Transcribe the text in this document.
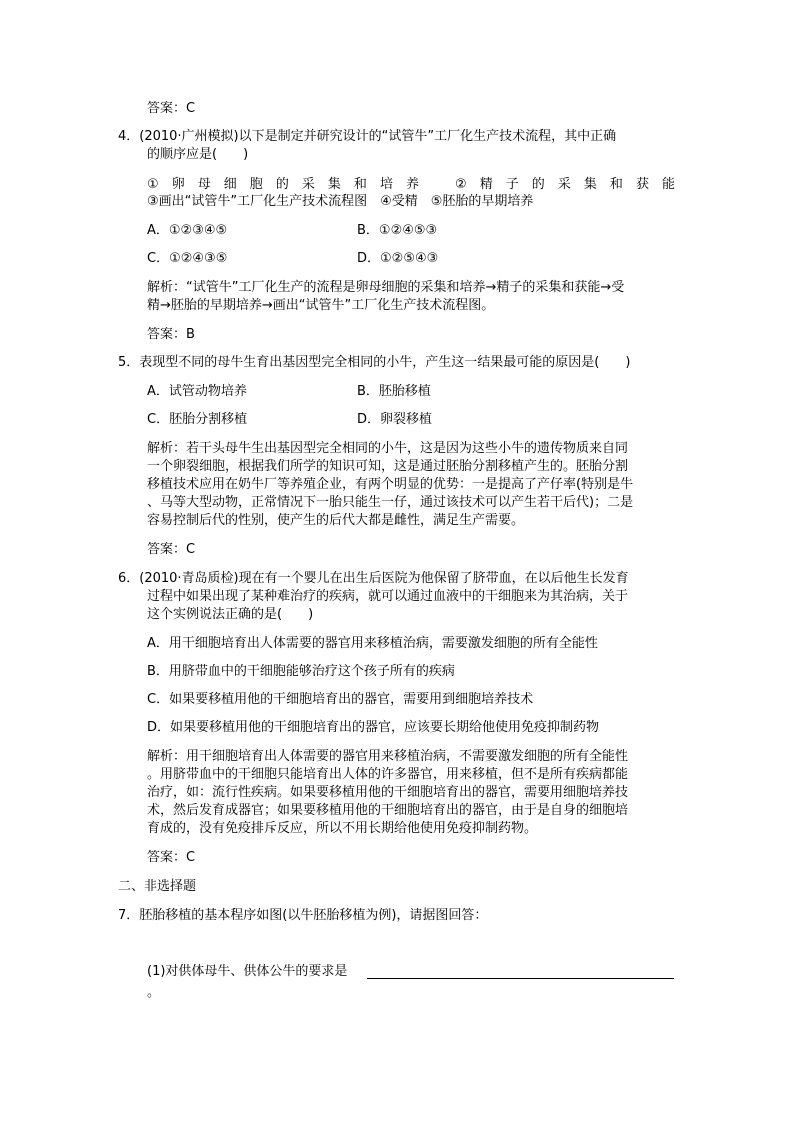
答案：C
4．(2010·广州模拟)以下是制定并研究设计的“试管牛”工厂化生产技术流程，其中正确
的顺序应是(　　)
① 卵 母 细 胞 的 采 集 和 培 养	② 精 子 的 采 集 和 获 能
③画出“试管牛”工厂化生产技术流程图　④受精　⑤胚胎的早期培养
A．①②③④⑤	B．①②④⑤③
C．①②④③⑤	D．①②⑤④③
解析：“试管牛”工厂化生产的流程是卵母细胞的采集和培养→精子的采集和获能→受
精→胚胎的早期培养→画出“试管牛”工厂化生产技术流程图。
答案：B
5．表现型不同的母牛生育出基因型完全相同的小牛，产生这一结果最可能的原因是(　　)
A．试管动物培养	B．胚胎移植
C．胚胎分割移植	D．卵裂移植
解析：若干头母牛生出基因型完全相同的小牛，这是因为这些小牛的遗传物质来自同
一个卵裂细胞，根据我们所学的知识可知，这是通过胚胎分割移植产生的。胚胎分割
移植技术应用在奶牛厂等养殖企业，有两个明显的优势：一是提高了产仔率(特别是牛
、马等大型动物，正常情况下一胎只能生一仔，通过该技术可以产生若干后代)；二是
容易控制后代的性别，使产生的后代大都是雌性，满足生产需要。
答案：C
6．(2010·青岛质检)现在有一个婴儿在出生后医院为他保留了脐带血，在以后他生长发育
过程中如果出现了某种难治疗的疾病，就可以通过血液中的干细胞来为其治病，关于
这个实例说法正确的是(　　)
A．用干细胞培育出人体需要的器官用来移植治病，需要激发细胞的所有全能性
B．用脐带血中的干细胞能够治疗这个孩子所有的疾病
C．如果要移植用他的干细胞培育出的器官，需要用到细胞培养技术
D．如果要移植用他的干细胞培育出的器官，应该要长期给他使用免疫抑制药物
解析：用干细胞培育出人体需要的器官用来移植治病，不需要激发细胞的所有全能性
。用脐带血中的干细胞只能培育出人体的许多器官，用来移植，但不是所有疾病都能
治疗，如：流行性疾病。如果要移植用他的干细胞培育出的器官，需要用细胞培养技
术，然后发育成器官；如果要移植用他的干细胞培育出的器官，由于是自身的细胞培
育成的，没有免疫排斥反应，所以不用长期给他使用免疫抑制药物。
答案：C
二、非选择题
7．胚胎移植的基本程序如图(以牛胚胎移植为例)，请据图回答：
(1)对供体母牛、供体公牛的要求是
。
